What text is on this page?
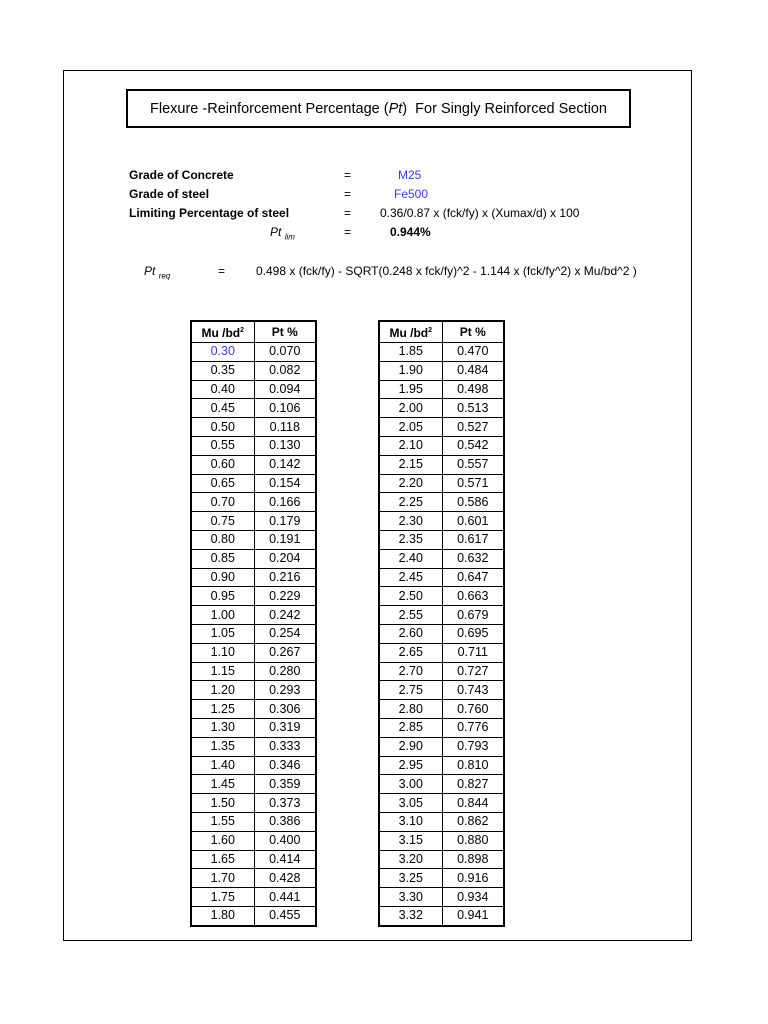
Flexure -Reinforcement Percentage ( Pt )  For Singly Reinforced Section
Grade of Concrete	=	M25
Grade of steel	=	Fe500
Limiting Percentage of steel	= 0.36/0.87 x (fck/fy) x (Xumax/d) x 100
Pt $_{lim}$	=	0.944%
Pt $_{req}$	=	0.498 x (fck/fy) - SQRT(0.248 x fck/fy)^2 - 1.144 x (fck/fy^2) x Mu/bd^2 )
Mu $/bd^2$	Pt %
0.30	0.070
0.35	0.082
0.40	0.094
0.45	0.106
0.50	0.118
0.55	0.130
0.60	0.142
0.65	0.154
0.70	0.166
0.75	0.179
0.80	0.191
0.85	0.204
0.90	0.216
0.95	0.229
1.00	0.242
1.05	0.254
1.10	0.267
1.15	0.280
1.20	0.293
1.25	0.306
1.30	0.319
1.35	0.333
1.40	0.346
1.45	0.359
1.50	0.373
1.55	0.386
1.60	0.400
1.65	0.414
1.70	0.428
1.75	0.441
1.80	0.455
Mu $/bd^2$	Pt %
1.85	0.470
1.90	0.484
1.95	0.498
2.00	0.513
2.05	0.527
2.10	0.542
2.15	0.557
2.20	0.571
2.25	0.586
2.30	0.601
2.35	0.617
2.40	0.632
2.45	0.647
2.50	0.663
2.55	0.679
2.60	0.695
2.65	0.711
2.70	0.727
2.75	0.743
2.80	0.760
2.85	0.776
2.90	0.793
2.95	0.810
3.00	0.827
3.05	0.844
3.10	0.862
3.15	0.880
3.20	0.898
3.25	0.916
3.30	0.934
3.32	0.941
